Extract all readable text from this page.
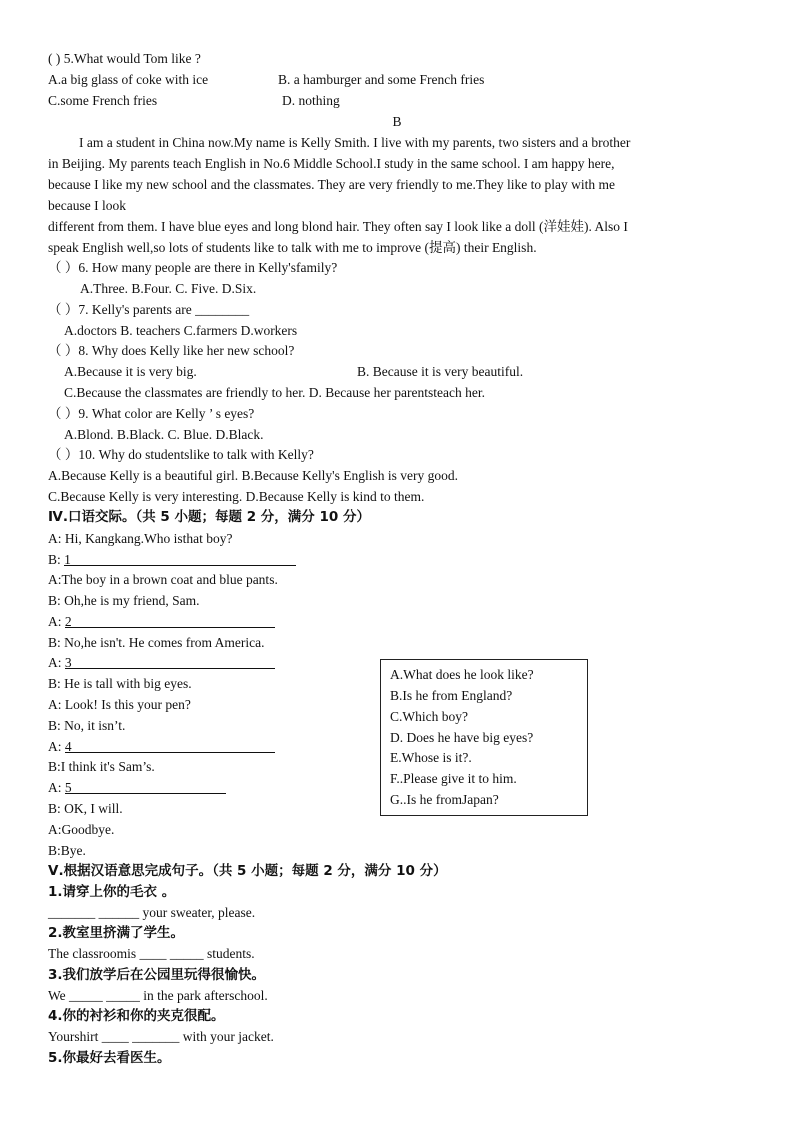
( ) 5.What would Tom like ?
A.a big glass of coke with ice	B. a hamburger and some French fries
C.some French fries	D. nothing
B
I am a student in China now.My name is Kelly Smith. I live with my parents, two sisters and a brother
in Beijing. My parents teach English in No.6 Middle School.I study in the same school. I am happy here,
because I like my new school and the classmates. They are very friendly to me.They like to play with me
because I look
different from them. I have blue eyes and long blond hair. They often say I look like a doll (洋娃娃). Also I
speak English well,so lots of students like to talk with me to improve (提高) their English.
（ ）6. How many people are there in Kelly'sfamily?
A.Three. B.Four. C. Five. D.Six.
（ ）7. Kelly's parents are ________
A.doctors B. teachers C.farmers D.workers
（ ）8. Why does Kelly like her new school?
A.Because it is very big.	B. Because it is very beautiful.
C.Because the classmates are friendly to her. D. Because her parentsteach her.
（ ）9. What color are Kelly ’ s eyes?
A.Blond. B.Black. C. Blue. D.Black.
（ ）10. Why do studentslike to talk with Kelly?
A.Because Kelly is a beautiful girl. B.Because Kelly's English is very good.
C.Because Kelly is very interesting. D.Because Kelly is kind to them.
Ⅳ.口语交际。（共 5 小题；每题 2 分，满分 10 分）
A: Hi, Kangkang.Who isthat boy?
B: 1
A:The boy in a brown coat and blue pants.
B: Oh,he is my friend, Sam.
A: 2
B: No,he isn't. He comes from America.
A: 3
B: He is tall with big eyes.
A: Look! Is this your pen?
B: No, it isn’t.
A: 4
B:I think it's Sam’s.
A: 5
B: OK, I will.
A:Goodbye.
B:Bye.
A.What does he look like?
B.Is he from England?
C.Which boy?
D. Does he have big eyes?
E.Whose is it?.
F..Please give it to him.
G..Is he fromJapan?
Ⅴ.根据汉语意思完成句子。（共 5 小题；每题 2 分，满分 10 分）
1.请穿上你的毛衣 。
_______ ______ your sweater, please.
2.教室里挤满了学生。
The classroomis ____ _____ students.
3.我们放学后在公园里玩得很愉快。
We _____ _____ in the park afterschool.
4.你的衬衫和你的夹克很配。
Yourshirt ____ _______ with your jacket.
5.你最好去看医生。
